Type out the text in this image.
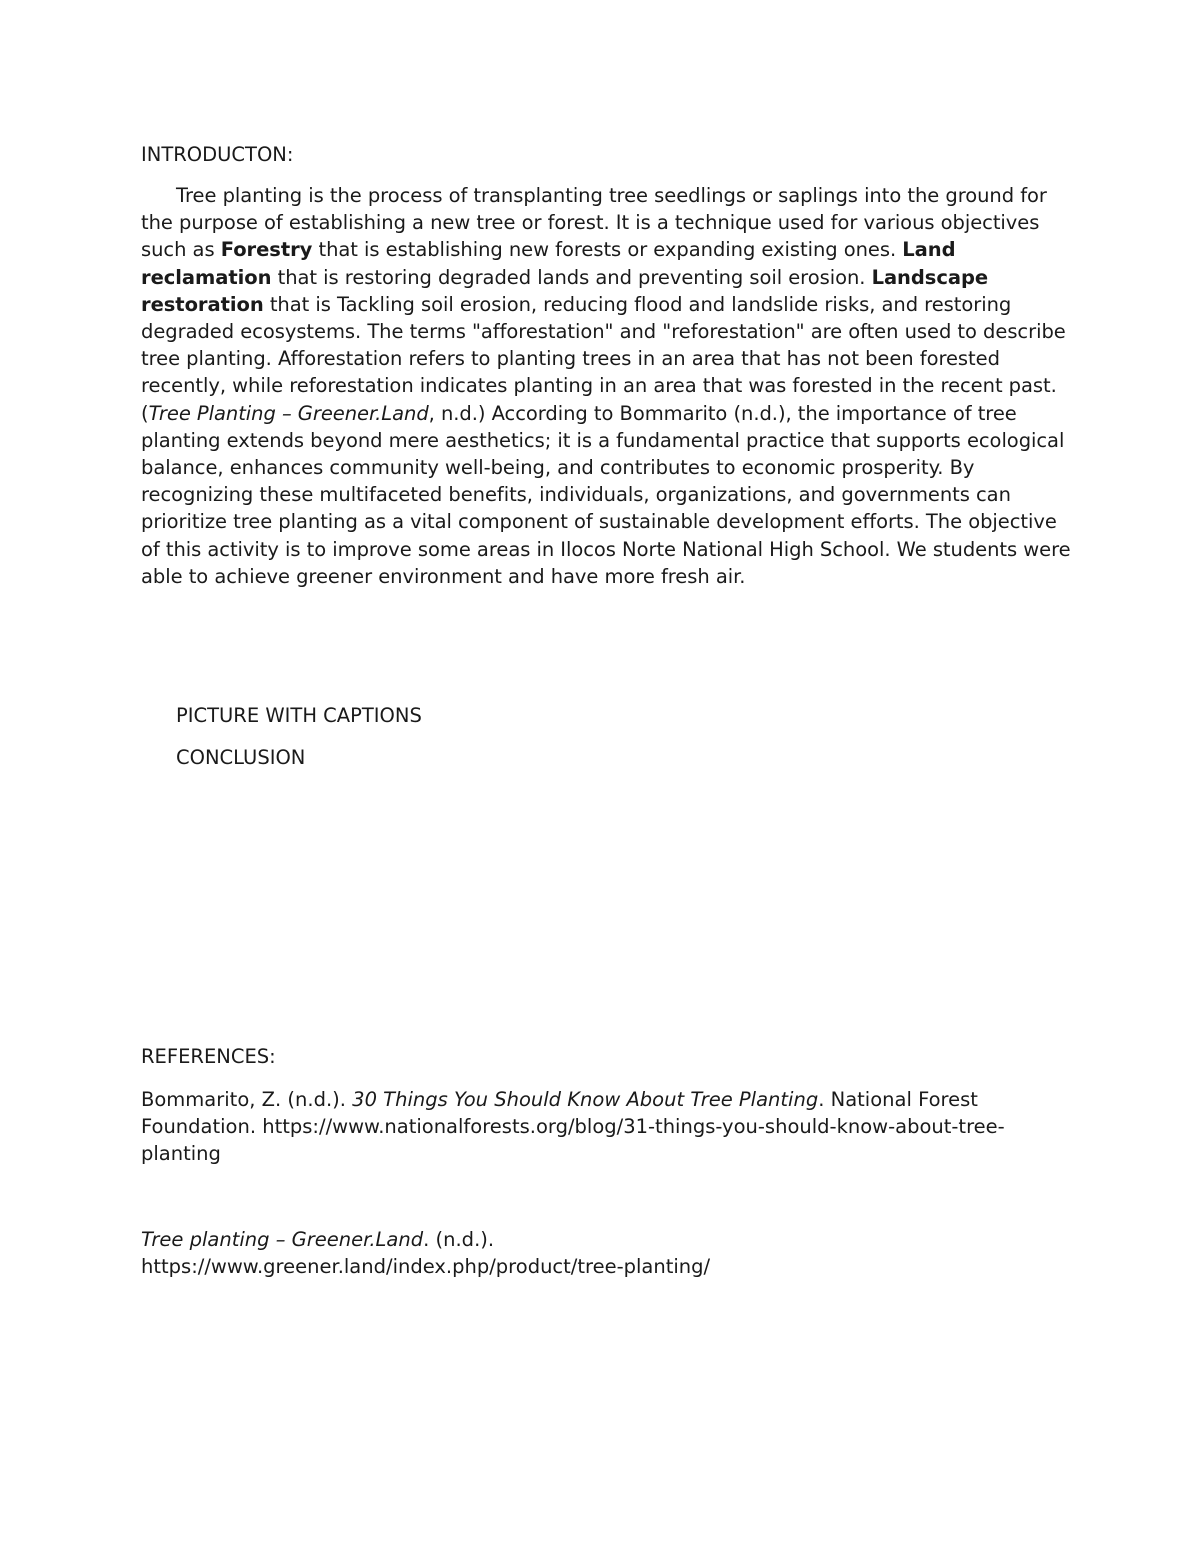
INTRODUCTON:
Tree planting is the process of transplanting tree seedlings or saplings into the ground for the purpose of establishing a new tree or forest. It is a technique used for various objectives such as Forestry that is establishing new forests or expanding existing ones. Land reclamation that is restoring degraded lands and preventing soil erosion. Landscape restoration that is Tackling soil erosion, reducing flood and landslide risks, and restoring degraded ecosystems. The terms "afforestation" and "reforestation" are often used to describe tree planting. Afforestation refers to planting trees in an area that has not been forested recently, while reforestation indicates planting in an area that was forested in the recent past. (Tree Planting – Greener.Land, n.d.) According to Bommarito (n.d.), the importance of tree planting extends beyond mere aesthetics; it is a fundamental practice that supports ecological balance, enhances community well-being, and contributes to economic prosperity. By recognizing these multifaceted benefits, individuals, organizations, and governments can prioritize tree planting as a vital component of sustainable development efforts. The objective of this activity is to improve some areas in Ilocos Norte National High School. We students were able to achieve greener environment and have more fresh air.
PICTURE WITH CAPTIONS
CONCLUSION
REFERENCES:
Bommarito, Z. (n.d.). 30 Things You Should Know About Tree Planting. National Forest Foundation. https://www.nationalforests.org/blog/31-things-you-should-know-about-tree-planting
Tree planting – Greener.Land. (n.d.).
https://www.greener.land/index.php/product/tree-planting/
